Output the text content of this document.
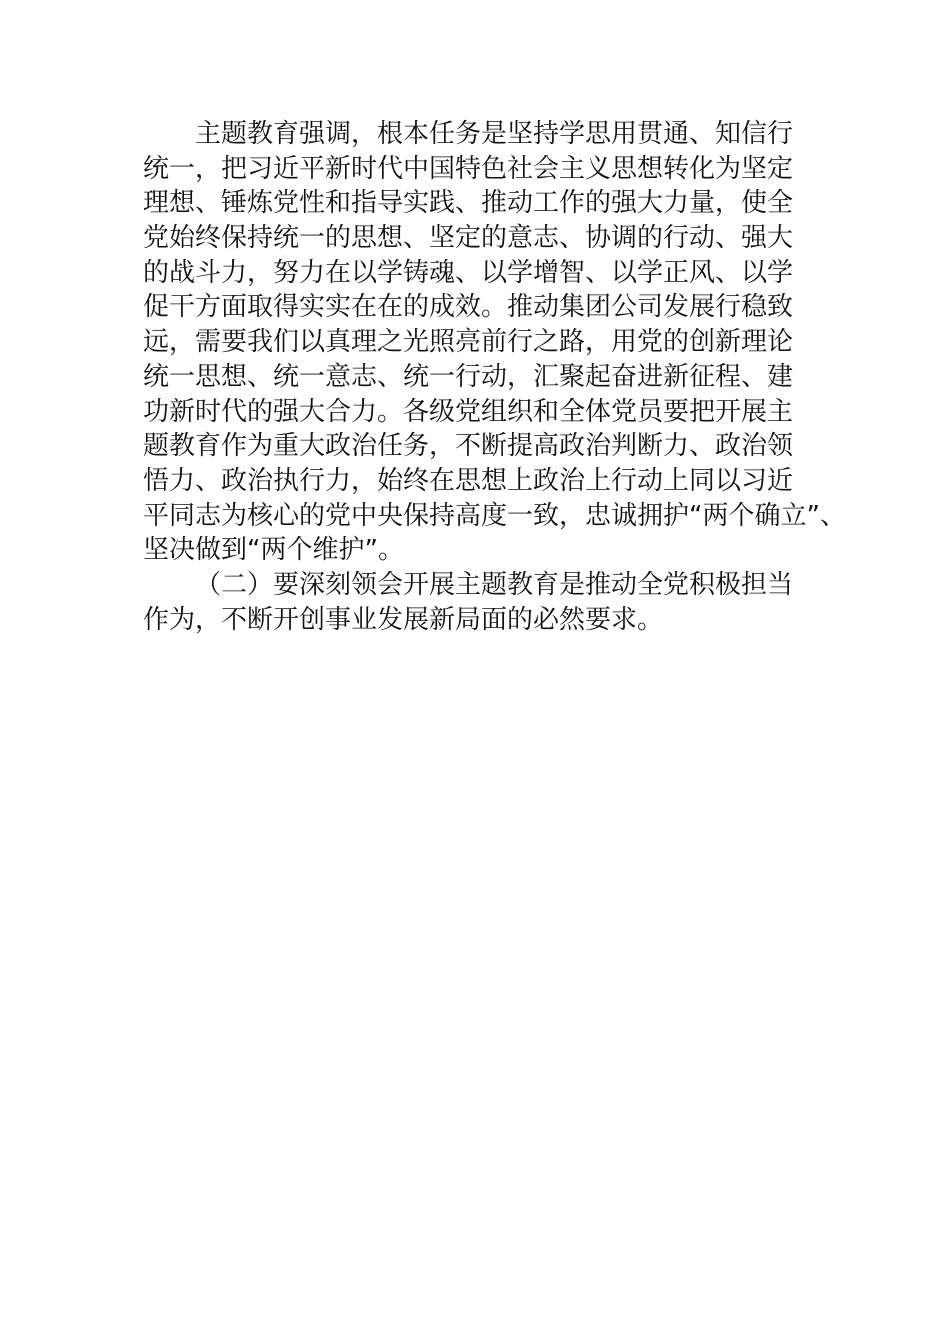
主题教育强调，根本任务是坚持学思用贯通、知信行
统一，把习近平新时代中国特色社会主义思想转化为坚定
理想、锤炼党性和指导实践、推动工作的强大力量，使全
党始终保持统一的思想、坚定的意志、协调的行动、强大
的战斗力，努力在以学铸魂、以学增智、以学正风、以学
促干方面取得实实在在的成效。推动集团公司发展行稳致
远，需要我们以真理之光照亮前行之路，用党的创新理论
统一思想、统一意志、统一行动，汇聚起奋进新征程、建
功新时代的强大合力。各级党组织和全体党员要把开展主
题教育作为重大政治任务，不断提高政治判断力、政治领
悟力、政治执行力，始终在思想上政治上行动上同以习近
平同志为核心的党中央保持高度一致，忠诚拥护“两个确立”、
坚决做到“两个维护”。
（二）要深刻领会开展主题教育是推动全党积极担当
作为，不断开创事业发展新局面的必然要求。
